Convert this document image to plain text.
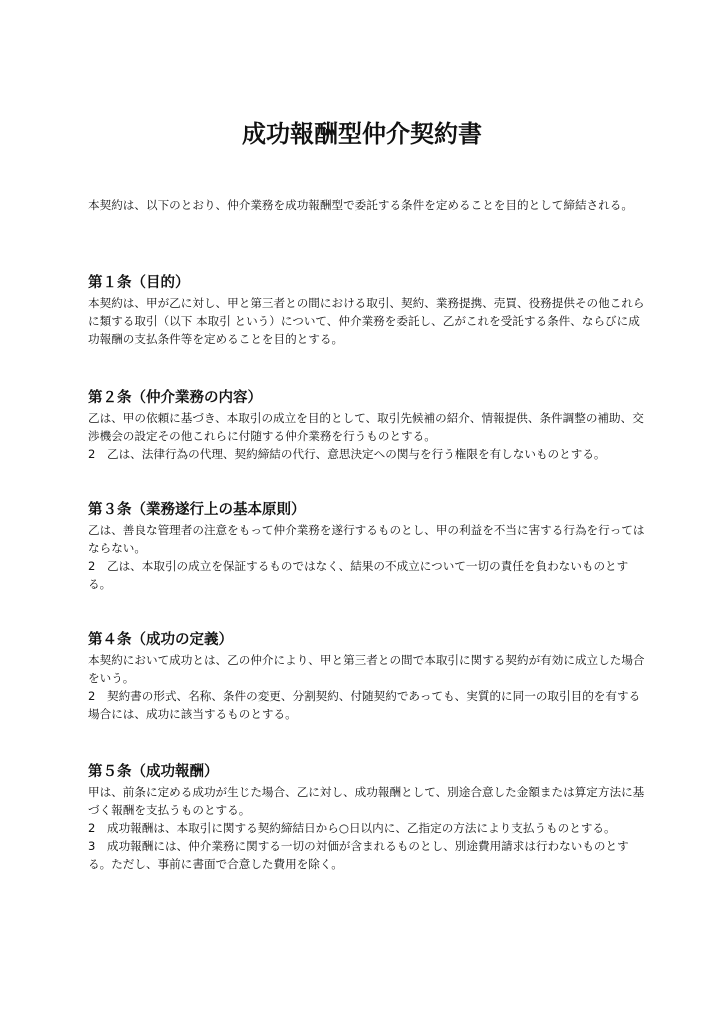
成功報酬型仲介契約書

本契約は、以下のとおり、仲介業務を成功報酬型で委託する条件を定めることを目的として締結される。

第１条（目的）

本契約は、甲が乙に対し、甲と第三者との間における取引、契約、業務提携、売買、役務提供その他これらに類する取引（以下 本取引 という）について、仲介業務を委託し、乙がこれを受託する条件、ならびに成功報酬の支払条件等を定めることを目的とする。

第２条（仲介業務の内容）

乙は、甲の依頼に基づき、本取引の成立を目的として、取引先候補の紹介、情報提供、条件調整の補助、交渉機会の設定その他これらに付随する仲介業務を行うものとする。

2　乙は、法律行為の代理、契約締結の代行、意思決定への関与を行う権限を有しないものとする。

第３条（業務遂行上の基本原則）

乙は、善良な管理者の注意をもって仲介業務を遂行するものとし、甲の利益を不当に害する行為を行ってはならない。

2　乙は、本取引の成立を保証するものではなく、結果の不成立について一切の責任を負わないものとする。

第４条（成功の定義）

本契約において成功とは、乙の仲介により、甲と第三者との間で本取引に関する契約が有効に成立した場合をいう。

2　契約書の形式、名称、条件の変更、分割契約、付随契約であっても、実質的に同一の取引目的を有する場合には、成功に該当するものとする。

第５条（成功報酬）

甲は、前条に定める成功が生じた場合、乙に対し、成功報酬として、別途合意した金額または算定方法に基づく報酬を支払うものとする。

2　成功報酬は、本取引に関する契約締結日から○日以内に、乙指定の方法により支払うものとする。

3　成功報酬には、仲介業務に関する一切の対価が含まれるものとし、別途費用請求は行わないものとする。ただし、事前に書面で合意した費用を除く。
